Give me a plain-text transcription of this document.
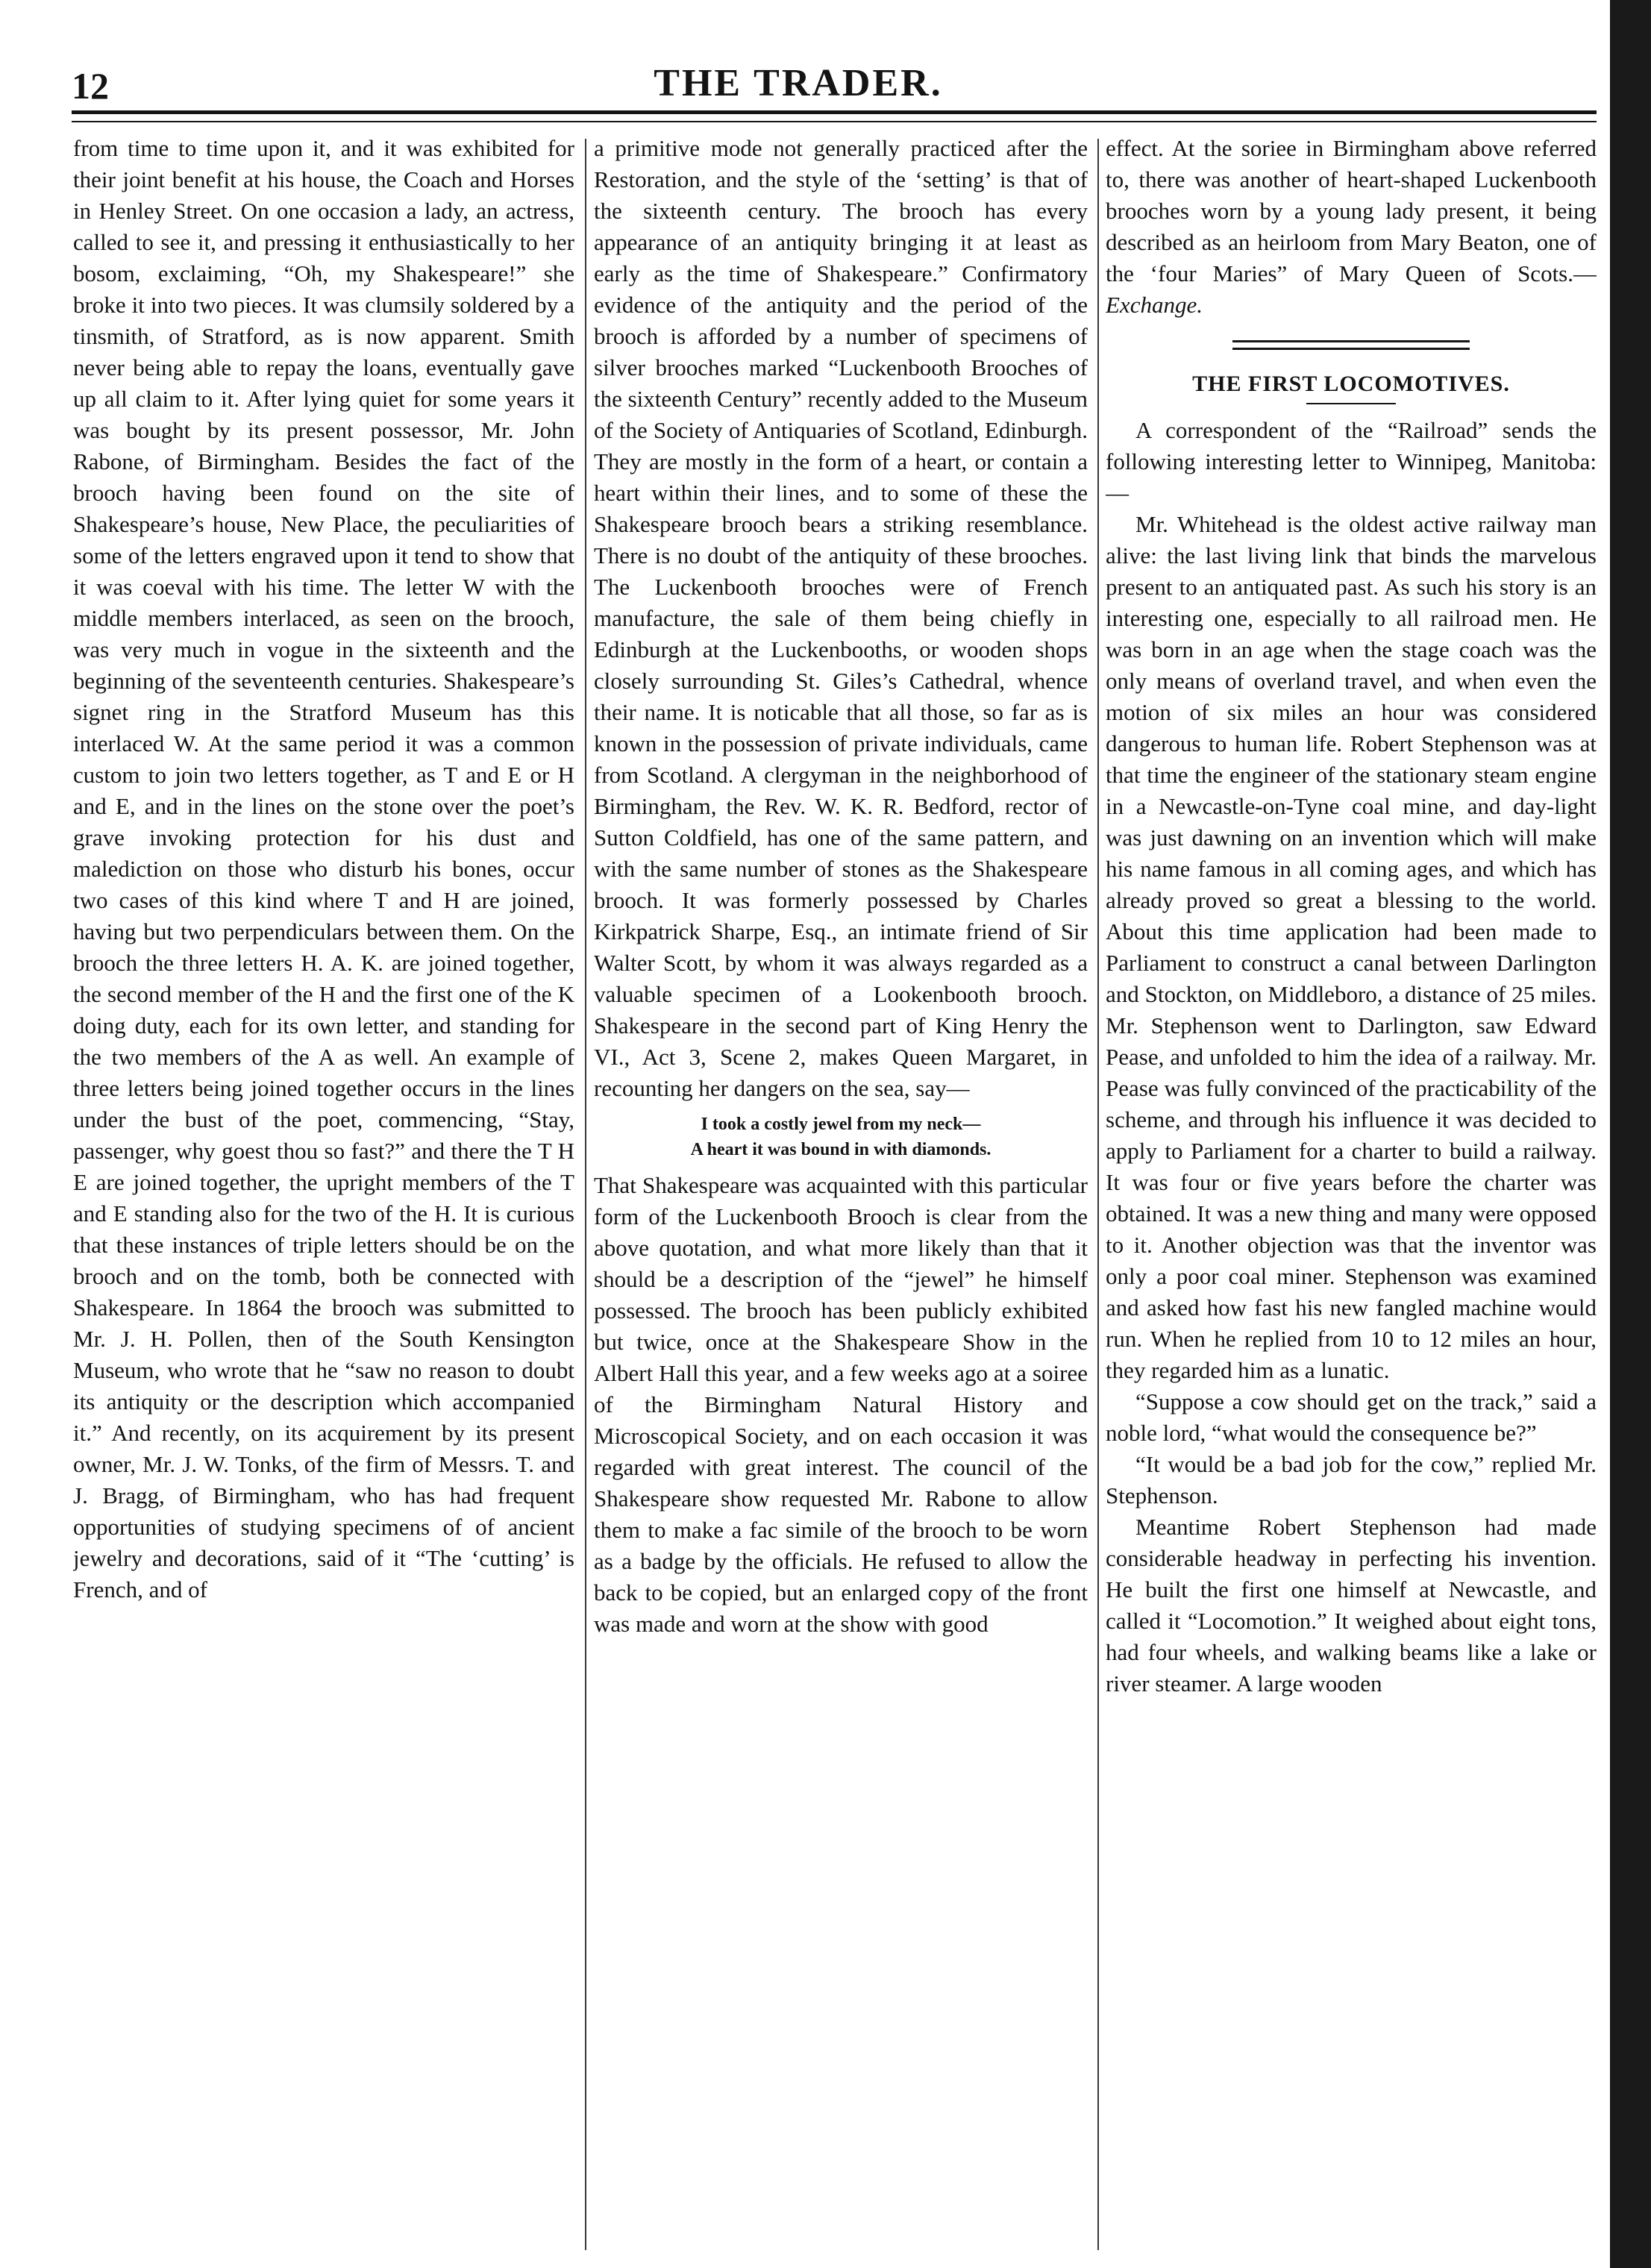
12	THE TRADER.

from time to time upon it, and it was exhibited for their joint benefit at his house, the Coach and Horses in Henley Street. On one occasion a lady, an actress, called to see it, and pressing it enthusiastically to her bosom, exclaiming, “Oh, my Shakespeare!” she broke it into two pieces. It was clumsily soldered by a tinsmith, of Stratford, as is now apparent. Smith never being able to repay the loans, eventually gave up all claim to it. After lying quiet for some years it was bought by its present possessor, Mr. John Rabone, of Birmingham. Besides the fact of the brooch having been found on the site of Shakespeare’s house, New Place, the peculiarities of some of the letters engraved upon it tend to show that it was coeval with his time. The letter W with the middle members interlaced, as seen on the brooch, was very much in vogue in the sixteenth and the beginning of the seventeenth centuries. Shakespeare’s signet ring in the Stratford Museum has this interlaced W. At the same period it was a common custom to join two letters together, as T and E or H and E, and in the lines on the stone over the poet’s grave invoking protection for his dust and malediction on those who disturb his bones, occur two cases of this kind where T and H are joined, having but two perpendiculars between them. On the brooch the three letters H. A. K. are joined together, the second member of the H and the first one of the K doing duty, each for its own letter, and standing for the two members of the A as well. An example of three letters being joined together occurs in the lines under the bust of the poet, commencing, “Stay, passenger, why goest thou so fast?” and there the T H E are joined together, the upright members of the T and E standing also for the two of the H. It is curious that these instances of triple letters should be on the brooch and on the tomb, both be connected with Shakespeare. In 1864 the brooch was submitted to Mr. J. H. Pollen, then of the South Kensington Museum, who wrote that he “saw no reason to doubt its antiquity or the description which accompanied it.” And recently, on its acquirement by its present owner, Mr. J. W. Tonks, of the firm of Messrs. T. and J. Bragg, of Birmingham, who has had frequent opportunities of studying specimens of of ancient jewelry and decorations, said of it “The ‘cutting’ is French, and of

a primitive mode not generally practiced after the Restoration, and the style of the ‘setting’ is that of the sixteenth century. The brooch has every appearance of an antiquity bringing it at least as early as the time of Shakespeare.” Confirmatory evidence of the antiquity and the period of the brooch is afforded by a number of specimens of silver brooches marked “Luckenbooth Brooches of the sixteenth Century” recently added to the Museum of the Society of Antiquaries of Scotland, Edinburgh. They are mostly in the form of a heart, or contain a heart within their lines, and to some of these the Shakespeare brooch bears a striking resemblance. There is no doubt of the antiquity of these brooches. The Luckenbooth brooches were of French manufacture, the sale of them being chiefly in Edinburgh at the Luckenbooths, or wooden shops closely surrounding St. Giles’s Cathedral, whence their name. It is noticable that all those, so far as is known in the possession of private individuals, came from Scotland. A clergyman in the neighborhood of Birmingham, the Rev. W. K. R. Bedford, rector of Sutton Coldfield, has one of the same pattern, and with the same number of stones as the Shakespeare brooch. It was formerly possessed by Charles Kirkpatrick Sharpe, Esq., an intimate friend of Sir Walter Scott, by whom it was always regarded as a valuable specimen of a Lookenbooth brooch. Shakespeare in the second part of King Henry the VI., Act 3, Scene 2, makes Queen Margaret, in recounting her dangers on the sea, say—

I took a costly jewel from my neck—
A heart it was bound in with diamonds.

That Shakespeare was acquainted with this particular form of the Luckenbooth Brooch is clear from the above quotation, and what more likely than that it should be a description of the “jewel” he himself possessed. The brooch has been publicly exhibited but twice, once at the Shakespeare Show in the Albert Hall this year, and a few weeks ago at a soiree of the Birmingham Natural History and Microscopical Society, and on each occasion it was regarded with great interest. The council of the Shakespeare show requested Mr. Rabone to allow them to make a fac simile of the brooch to be worn as a badge by the officials. He refused to allow the back to be copied, but an enlarged copy of the front was made and worn at the show with good

effect. At the soriee in Birmingham above referred to, there was another of heart-shaped Luckenbooth brooches worn by a young lady present, it being described as an heirloom from Mary Beaton, one of the ‘four Maries” of Mary Queen of Scots.—Exchange.

THE FIRST LOCOMOTIVES.

A correspondent of the “Railroad” sends the following interesting letter to Winnipeg, Manitoba:—

Mr. Whitehead is the oldest active railway man alive: the last living link that binds the marvelous present to an antiquated past. As such his story is an interesting one, especially to all railroad men. He was born in an age when the stage coach was the only means of overland travel, and when even the motion of six miles an hour was considered dangerous to human life. Robert Stephenson was at that time the engineer of the stationary steam engine in a Newcastle-on-Tyne coal mine, and day-light was just dawning on an invention which will make his name famous in all coming ages, and which has already proved so great a blessing to the world. About this time application had been made to Parliament to construct a canal between Darlington and Stockton, on Middleboro, a distance of 25 miles. Mr. Stephenson went to Darlington, saw Edward Pease, and unfolded to him the idea of a railway. Mr. Pease was fully convinced of the practicability of the scheme, and through his influence it was decided to apply to Parliament for a charter to build a railway. It was four or five years before the charter was obtained. It was a new thing and many were opposed to it. Another objection was that the inventor was only a poor coal miner. Stephenson was examined and asked how fast his new fangled machine would run. When he replied from 10 to 12 miles an hour, they regarded him as a lunatic.

“Suppose a cow should get on the track,” said a noble lord, “what would the consequence be?”

“It would be a bad job for the cow,” replied Mr. Stephenson.

Meantime Robert Stephenson had made considerable headway in perfecting his invention. He built the first one himself at Newcastle, and called it “Locomotion.” It weighed about eight tons, had four wheels, and walking beams like a lake or river steamer. A large wooden
